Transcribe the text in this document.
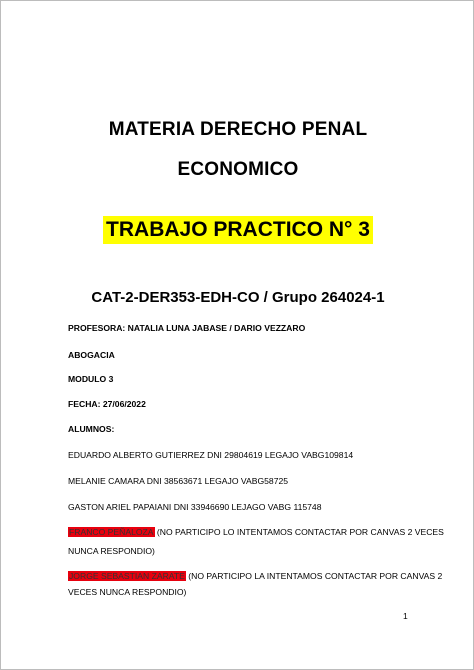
MATERIA DERECHO PENAL
ECONOMICO
TRABAJO PRACTICO N° 3
CAT-2-DER353-EDH-CO / Grupo 264024-1
PROFESORA: NATALIA LUNA JABASE / DARIO VEZZARO
ABOGACIA
MODULO 3
FECHA: 27/06/2022
ALUMNOS:
EDUARDO ALBERTO GUTIERREZ DNI 29804619 LEGAJO VABG109814
MELANIE CAMARA DNI 38563671 LEGAJO VABG58725
GASTON ARIEL PAPAIANI DNI 33946690 LEJAGO VABG 115748
FRANCO PEÑALOZA (NO PARTICIPO LO INTENTAMOS CONTACTAR POR CANVAS 2 VECES
NUNCA RESPONDIO)
JORGE SEBASTIAN ZARATE (NO PARTICIPO LA INTENTAMOS CONTACTAR POR CANVAS 2
VECES NUNCA RESPONDIO)
1
